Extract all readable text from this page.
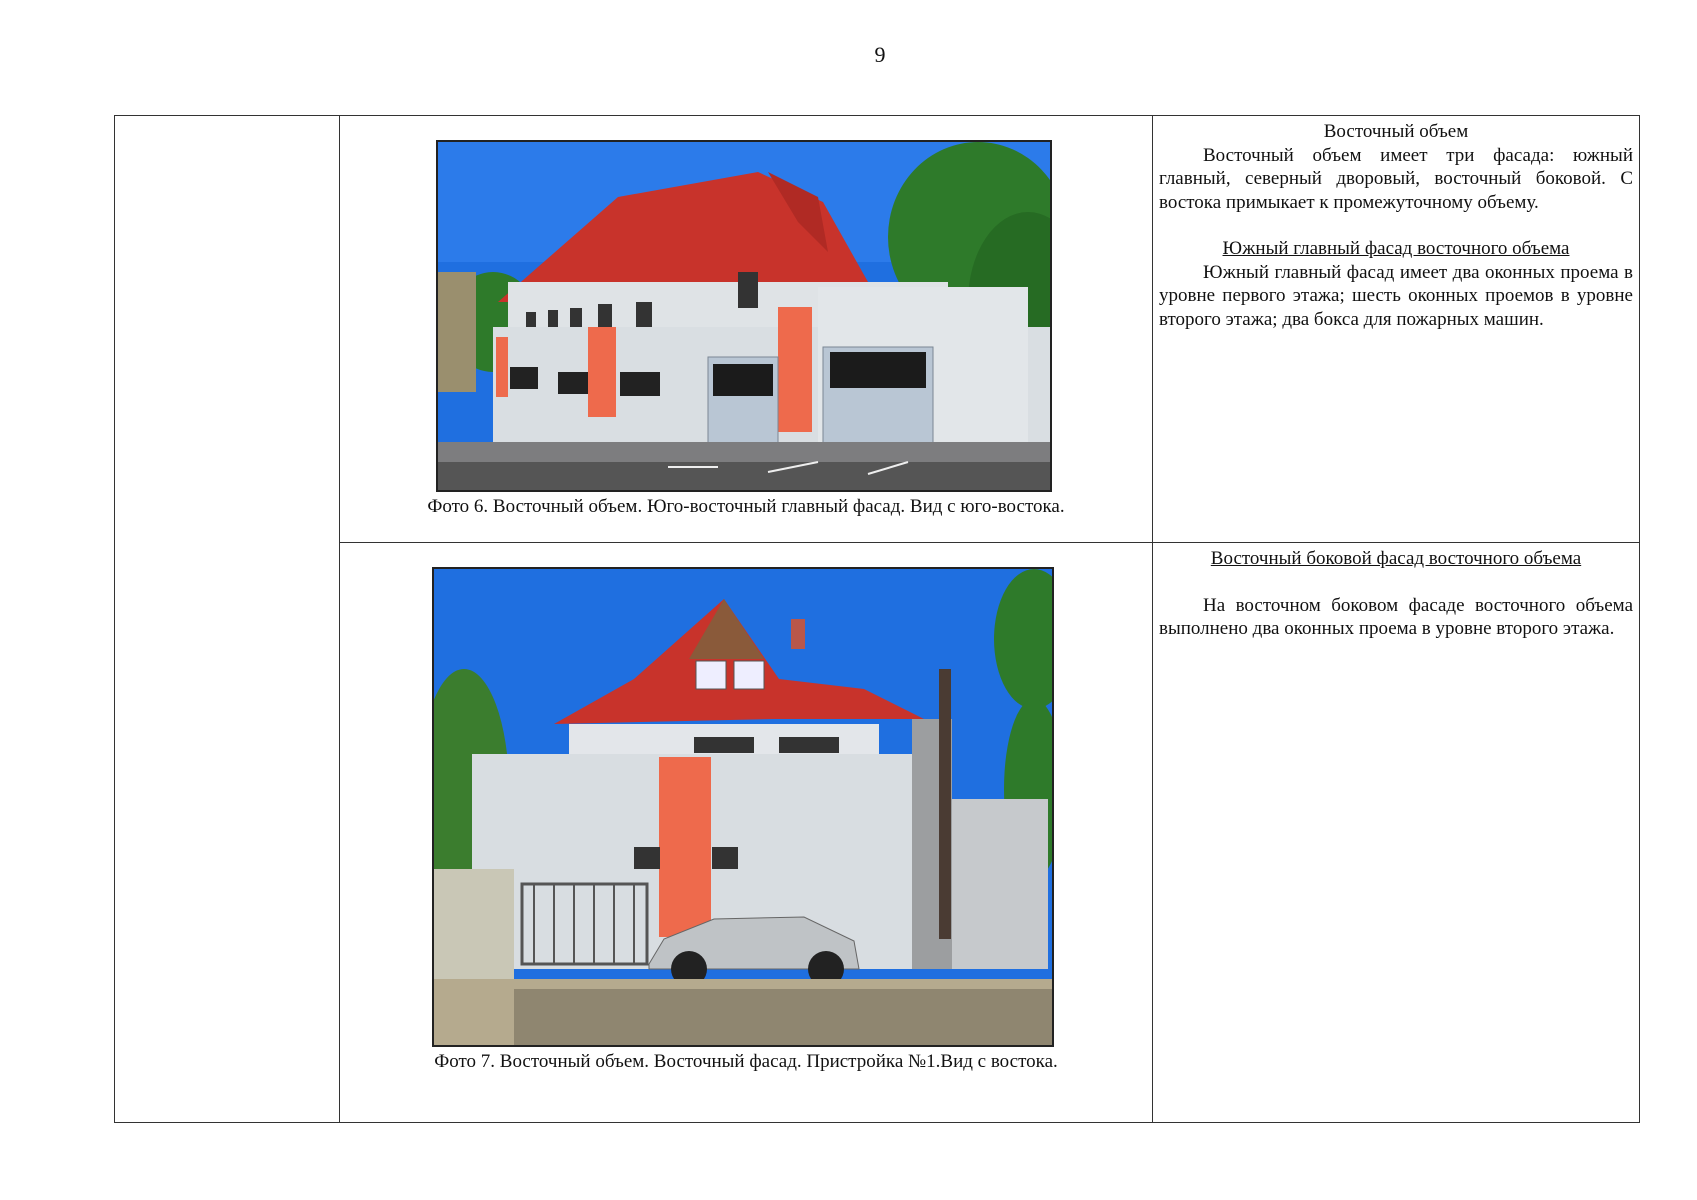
9

	Фото 6. Восточный объем. Юго-восточный главный фасад. Вид с юго-востока.	Восточный объем

Восточный объем имеет три фасада: южный главный, северный дворовый, восточный боковой. С востока примыкает к промежуточному объему.

Южный главный фасад восточного объема

Южный главный фасад имеет два оконных проема в уровне первого этажа; шесть оконных проемов в уровне второго этажа; два бокса для пожарных машин.

	Фото 7. Восточный объем. Восточный фасад. Пристройка №1.Вид с востока.	Восточный боковой фасад восточного объема

На восточном боковом фасаде восточного объема выполнено два оконных проема в уровне второго этажа.
